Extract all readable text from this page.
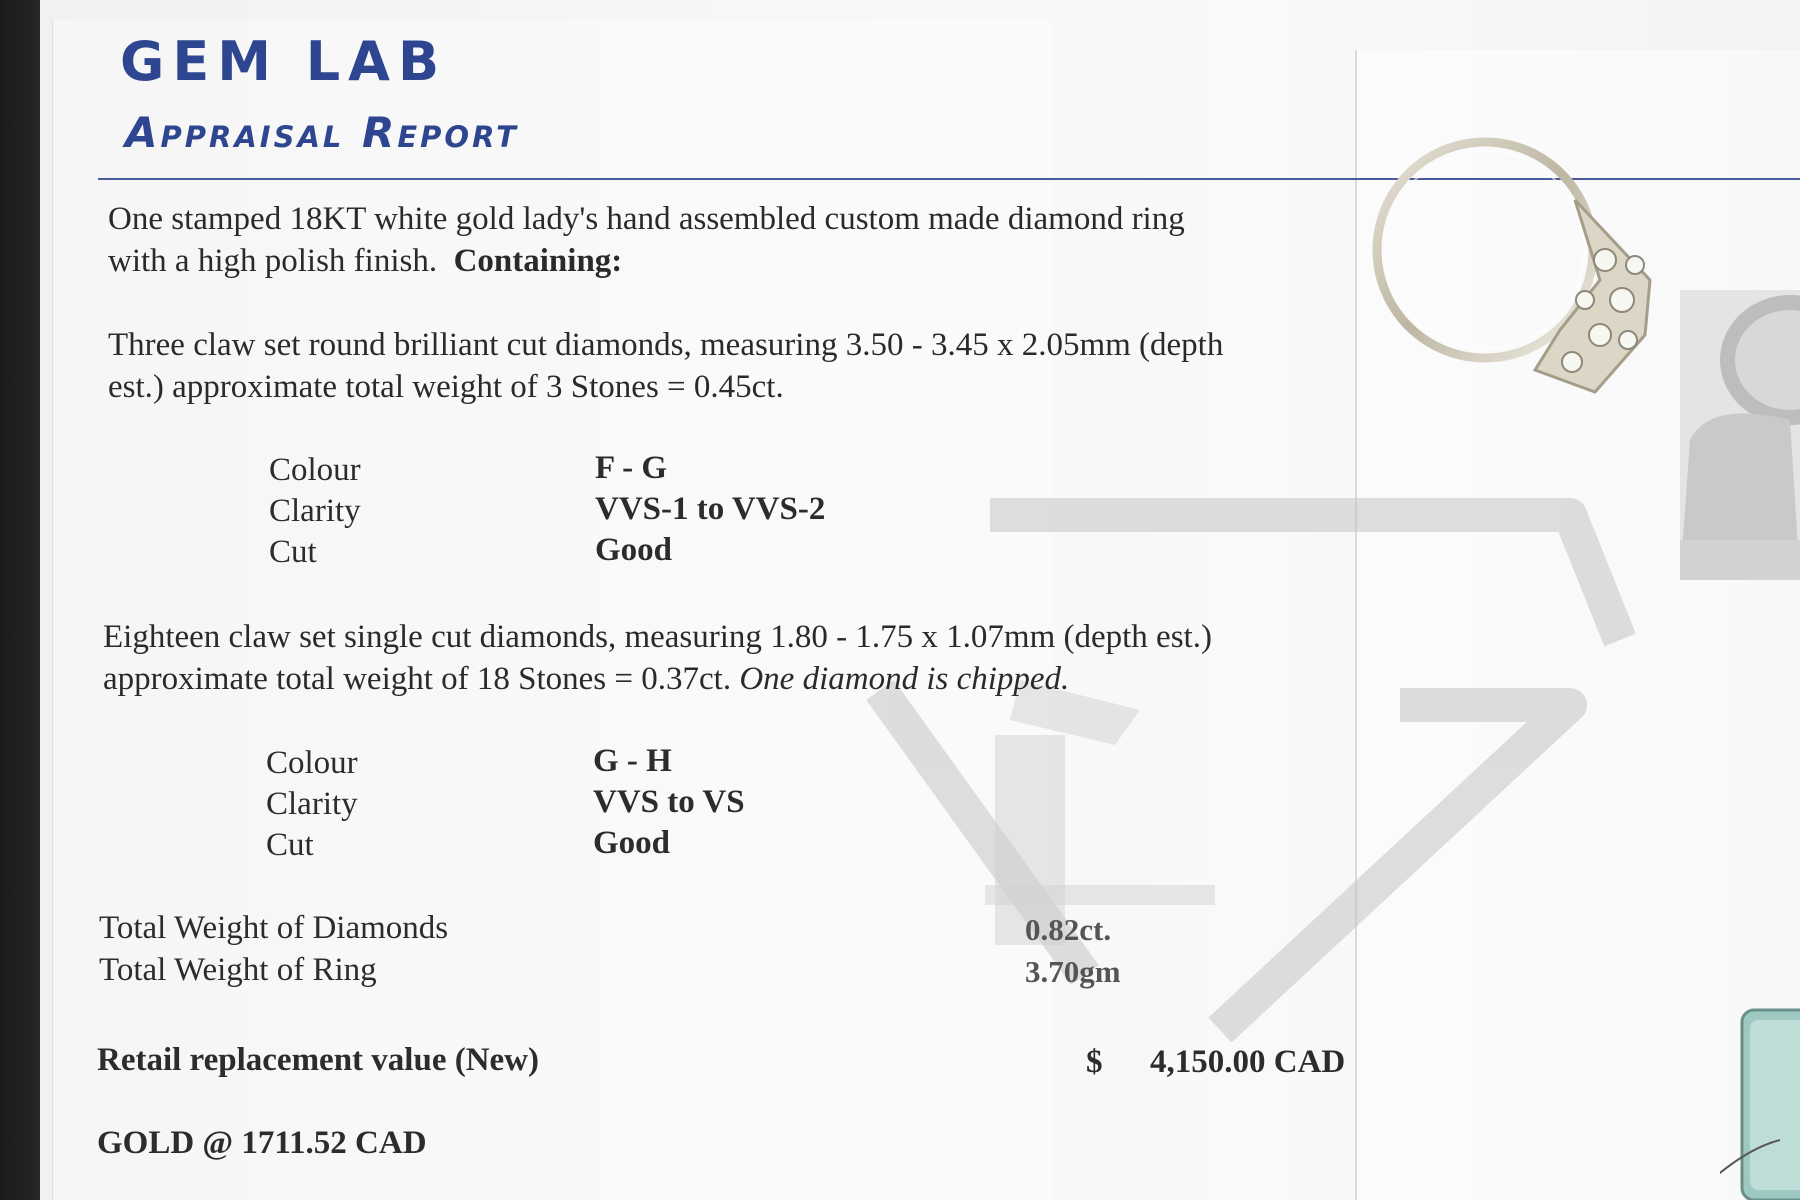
GEM LAB
Appraisal Report
One stamped 18KT white gold lady's hand assembled custom made diamond ring with a high polish finish. Containing:
Three claw set round brilliant cut diamonds, measuring 3.50 - 3.45 x 2.05mm (depth est.) approximate total weight of 3 Stones = 0.45ct.
Colour	F - G
Clarity	VVS-1 to VVS-2
Cut	Good
Eighteen claw set single cut diamonds, measuring 1.80 - 1.75 x 1.07mm (depth est.) approximate total weight of 18 Stones = 0.37ct. One diamond is chipped.
Colour	G - H
Clarity	VVS to VS
Cut	Good
Total Weight of Diamonds	0.82ct.
Total Weight of Ring	3.70gm
Retail replacement value (New)	$ 4,150.00 CAD
GOLD @ 1711.52 CAD
